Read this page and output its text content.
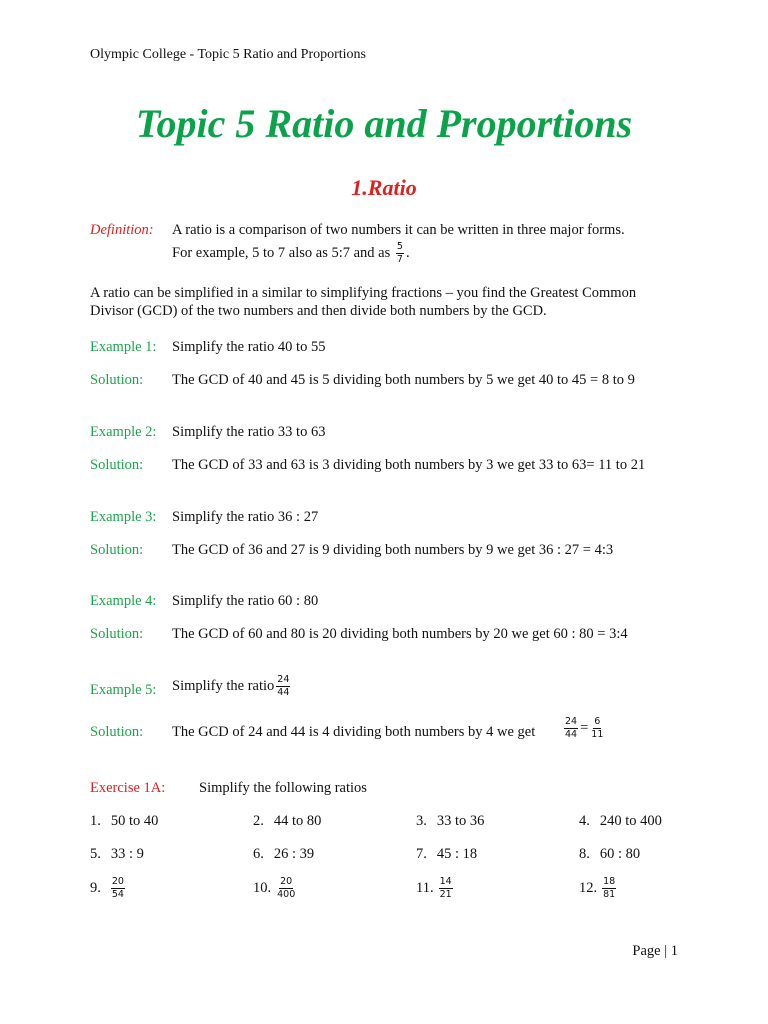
Olympic College - Topic 5 Ratio and Proportions
Topic 5 Ratio and Proportions
1.Ratio
Definition: A ratio is a comparison of two numbers it can be written in three major forms.
For example, 5 to 7 also as 5:7 and as $\frac{5}{7}$ .
A ratio can be simplified in a similar to simplifying fractions – you find the Greatest Common
Divisor (GCD) of the two numbers and then divide both numbers by the GCD.
Example 1: Simplify the ratio 40 to 55
Solution: The GCD of 40 and 45 is 5 dividing both numbers by 5 we get 40 to 45 = 8 to 9
Example 2: Simplify the ratio 33 to 63
Solution: The GCD of 33 and 63 is 3 dividing both numbers by 3 we get 33 to 63= 11 to 21
Example 3: Simplify the ratio 36 : 27
Solution: The GCD of 36 and 27 is 9 dividing both numbers by 9 we get 36 : 27 = 4:3
Example 4: Simplify the ratio 60 : 80
Solution: The GCD of 60 and 80 is 20 dividing both numbers by 20 we get 60 : 80 = 3:4
Example 5: Simplify the ratio $\frac{24}{44}$
Solution: The GCD of 24 and 44 is 4 dividing both numbers by 4 we get	$\frac{24}{44} = \frac{6}{11}$
Exercise 1A: Simplify the following ratios
1. 50 to 40	2. 44 to 80	3. 33 to 36	4. 240 to 400
5. 33 : 9	6. 26 : 39	7. 45 : 18	8. 60 : 80
9. $\frac{20}{54}$	10. $\frac{20}{400}$	11. $\frac{14}{21}$	12. $\frac{18}{81}$
Page | 1
